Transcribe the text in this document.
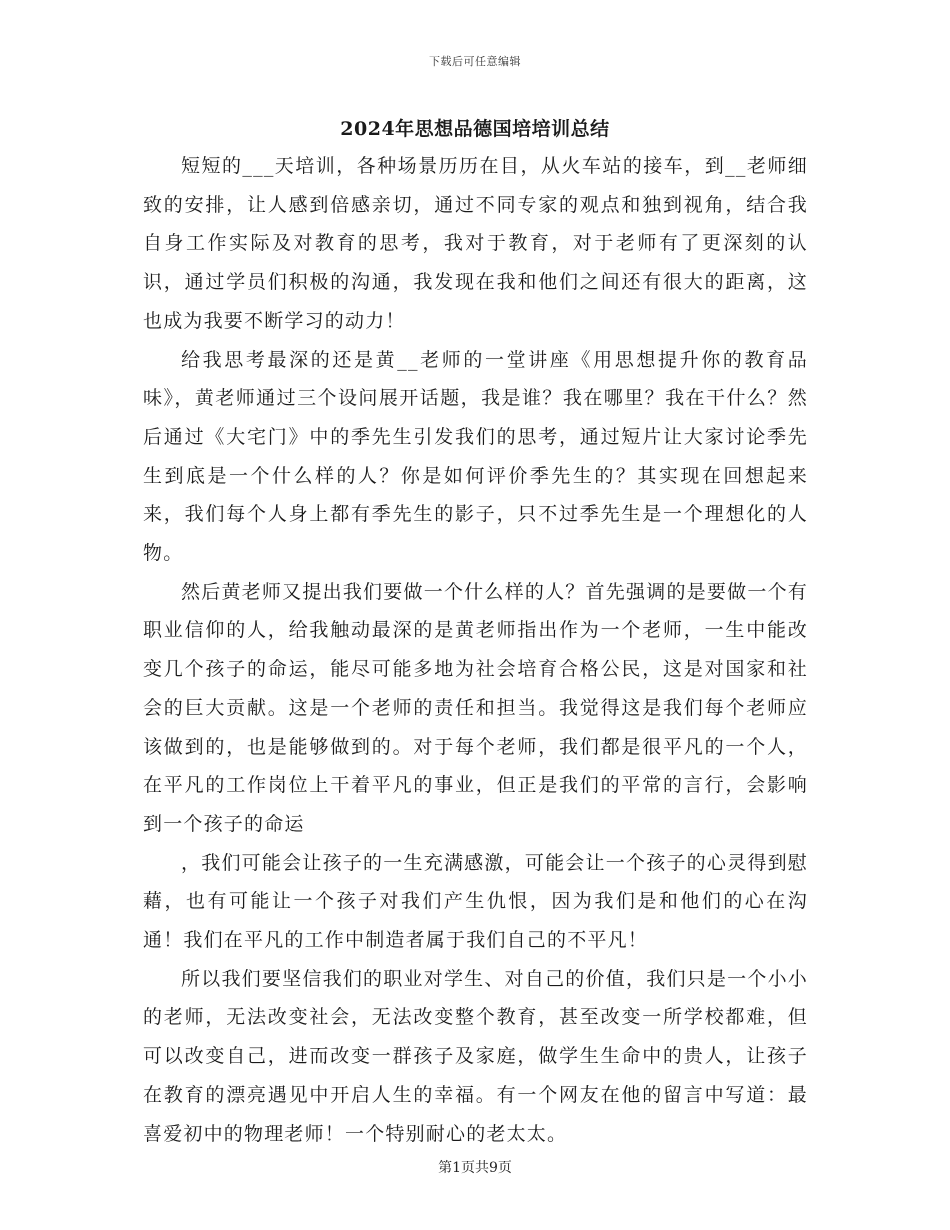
下载后可任意编辑
2024年思想品德国培培训总结

短短的___天培训，各种场景历历在目，从火车站的接车，到__老师细致的安排，让人感到倍感亲切，通过不同专家的观点和独到视角，结合我自身工作实际及对教育的思考，我对于教育，对于老师有了更深刻的认识，通过学员们积极的沟通，我发现在我和他们之间还有很大的距离，这也成为我要不断学习的动力！

给我思考最深的还是黄__老师的一堂讲座《用思想提升你的教育品味》，黄老师通过三个设问展开话题，我是谁？我在哪里？我在干什么？然后通过《大宅门》中的季先生引发我们的思考，通过短片让大家讨论季先生到底是一个什么样的人？你是如何评价季先生的？其实现在回想起来来，我们每个人身上都有季先生的影子，只不过季先生是一个理想化的人物。

然后黄老师又提出我们要做一个什么样的人？首先强调的是要做一个有职业信仰的人，给我触动最深的是黄老师指出作为一个老师，一生中能改变几个孩子的命运，能尽可能多地为社会培育合格公民，这是对国家和社会的巨大贡献。这是一个老师的责任和担当。我觉得这是我们每个老师应该做到的，也是能够做到的。对于每个老师，我们都是很平凡的一个人，在平凡的工作岗位上干着平凡的事业，但正是我们的平常的言行，会影响到一个孩子的命运

，我们可能会让孩子的一生充满感激，可能会让一个孩子的心灵得到慰藉，也有可能让一个孩子对我们产生仇恨，因为我们是和他们的心在沟通！我们在平凡的工作中制造者属于我们自己的不平凡！

所以我们要坚信我们的职业对学生、对自己的价值，我们只是一个小小的老师，无法改变社会，无法改变整个教育，甚至改变一所学校都难，但可以改变自己，进而改变一群孩子及家庭，做学生生命中的贵人，让孩子在教育的漂亮遇见中开启人生的幸福。有一个网友在他的留言中写道：最喜爱初中的物理老师！一个特别耐心的老太太。

第1页共9页
